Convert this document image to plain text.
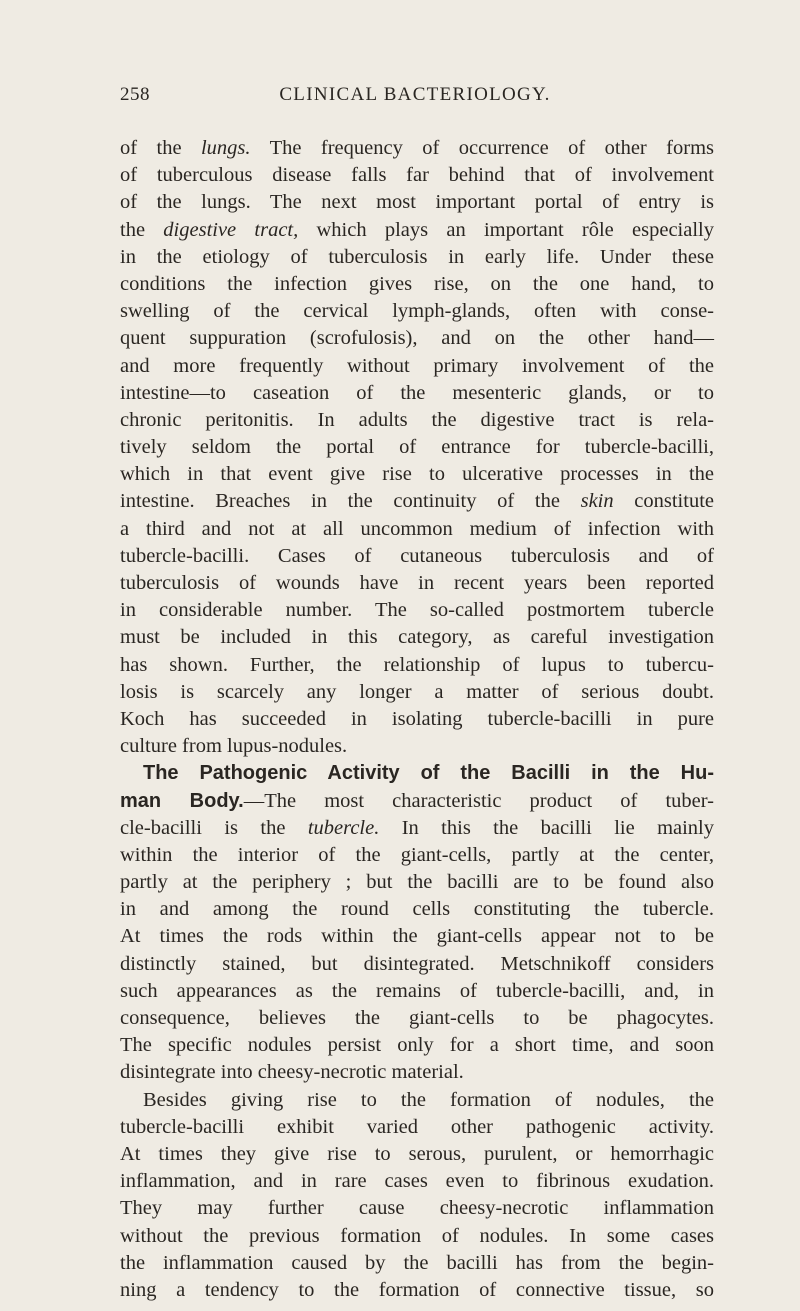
258	CLINICAL BACTERIOLOGY.
of the lungs. The frequency of occurrence of other forms
of tuberculous disease falls far behind that of involvement
of the lungs. The next most important portal of entry is
the digestive tract, which plays an important rôle especially
in the etiology of tuberculosis in early life. Under these
conditions the infection gives rise, on the one hand, to
swelling of the cervical lymph-glands, often with conse-
quent suppuration (scrofulosis), and on the other hand—
and more frequently without primary involvement of the
intestine—to caseation of the mesenteric glands, or to
chronic peritonitis. In adults the digestive tract is rela-
tively seldom the portal of entrance for tubercle-bacilli,
which in that event give rise to ulcerative processes in the
intestine. Breaches in the continuity of the skin constitute
a third and not at all uncommon medium of infection with
tubercle-bacilli. Cases of cutaneous tuberculosis and of
tuberculosis of wounds have in recent years been reported
in considerable number. The so-called postmortem tubercle
must be included in this category, as careful investigation
has shown. Further, the relationship of lupus to tubercu-
losis is scarcely any longer a matter of serious doubt.
Koch has succeeded in isolating tubercle-bacilli in pure
culture from lupus-nodules.
The Pathogenic Activity of the Bacilli in the Hu-
man Body.—The most characteristic product of tuber-
cle-bacilli is the tubercle. In this the bacilli lie mainly
within the interior of the giant-cells, partly at the center,
partly at the periphery ; but the bacilli are to be found also
in and among the round cells constituting the tubercle.
At times the rods within the giant-cells appear not to be
distinctly stained, but disintegrated. Metschnikoff considers
such appearances as the remains of tubercle-bacilli, and, in
consequence, believes the giant-cells to be phagocytes.
The specific nodules persist only for a short time, and soon
disintegrate into cheesy-necrotic material.
Besides giving rise to the formation of nodules, the
tubercle-bacilli exhibit varied other pathogenic activity.
At times they give rise to serous, purulent, or hemorrhagic
inflammation, and in rare cases even to fibrinous exudation.
They may further cause cheesy-necrotic inflammation
without the previous formation of nodules. In some cases
the inflammation caused by the bacilli has from the begin-
ning a tendency to the formation of connective tissue, so
